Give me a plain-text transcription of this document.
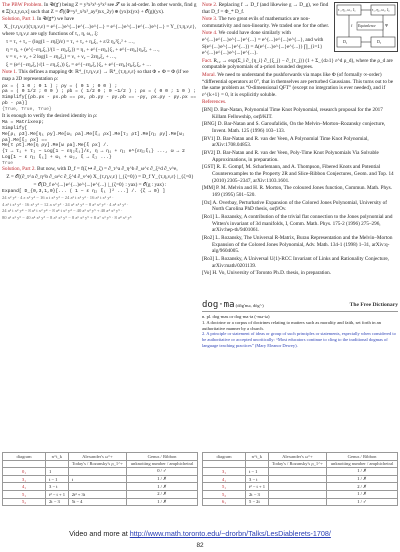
The PBW Problem. In 𝒰(𝔤') being Z = y³x²x³·y²x² see 𝒮 so is ad-order. In other words, find g ∈ ℤ[x,t,y,α,x] such that Z = 𝒪((𝒴=y²_x²x²_ay²)xx_2y) ⊕ (yx)x(yx) + 𝒪(g)(yx).

Solution, Part 1. In 𝒰(𝔤*) we have

X_{τ,η,ν,ε}(τ,η,ν,ε) = e^{...}e^{...}e^{...}e^{...} = e^{...}e^{...}e^{...}e^{...} = Y_{τ,η,ν,ε},

where τ,η,ν,ε are ugly functions of τ₁, η, ω₁, ξ:

τ = τ₁ + τ₂ − (log(1 − εηξ)/ε) = τ₁ + τ₂ + η₂ξ₁ + ε/2 η₂²ξ₁² + …,

η = η₁ + (e^{−εη₂ξ₁}/(1 − εη₂ξ₁)) = η₁ + e^{−εη₂}ξ₁ + e^{−εη₂}η₂ξ₁ + …,

ν = ν₁ + ν₂ + 2 log(1 − εη₂ξ₁) = ν₁ + ν₂ − 2εη₂ξ₁ + …,

ξ = (e^{−εη₂ξ₁}/(1 − εη₂ξ₁)) ξ₂ = e^{−εη₂ξ₁}ξ₂ + e^{−εη₂}η₂ξ₁ξ₂ + …

Note 1. This defines a mapping Φ: ℝ⁴_{τ,η,ν,ε} → ℝ⁴_{τ,η,ν,ε} so that Φ ∘ Φ = Φ (if we map a 2D representation ρ:

ρx = ( 1 0 ; 0 1 ) ; ρy = ( 0 1 ; 0 0 ) ;
ρa = ( 0 1/2 ; 0 0 ) ; ρb = ( 1/2 0 ; 0 −1/2 ) ; ρx = ( 0 0 ; 1 0 ) ;
Simplify[{ρb.ρx - ρx.ρb == ρx, ρb.ρy - ρy.ρb == -ρy, ρx.ρy - ρy.ρx == ρb - ρa}]
{True, True, True}

It is enough to verify the desired identity in ρ:

Ma = Matrixexp;
Simplify[
Me[ρ₁ ρ3].Me[η₁ ρy].Me[ω₁ ρa].Me[ξ₁ ρx].Me[τ₂ ρt].Me[η₂ ρy].Me[ω₂ ρa].Me[ξ₂ ρx] ==
Me[τ ρt].Me[η ρy].Me[ω ρa].Me[ξ ρx] /.
{τ → τ₁ + τ₂ − Log[1 − εη₂ξ₁]/ε, η → η₁ + η₂ e^{εη₂ξ₁} ..., ω → 2 Log[1 − ε η₂ ξ₁] + ω₁ + ω₂, ξ → ξ₂ ...}
True

Solution, Part 2. But now, with D_f = f(ζ ↦ ∂_ζ) = ∂_τ^a ∂_η^b ∂_ω^c ∂_ξ^d ∂_ν^e,

Z = 𝒪((∂_τ^a ∂_η^b ∂_ω^c ∂_ξ^d ∂_ν^e) X_{τ,η,ν,ε} |_{ζ=0}) = D_f Y_{τ,η,ν,ε} |_{ζ=0}

= 𝒪(D_f e^{...}e^{...}e^{...}e^{...} |_{ζ=0} : yax) = 𝒪(g : yax) :

Expand[ D_{0,3,1,0}[... ( 1 − ε η₂ ξ₁ )² ...] /. {ζ → 0} ]
24 x² y² · 4 ε x² y² − 16 a t x² y² − 24 a² t x² y² · 16 a³ t x² y² ·
4 a² t x² y² · 16 x³ y³ − 12 a x² y³ · 24 a² x² y³ − 8 a³ x² y³ · 4 a⁴ x² y³ ·
24 a² t x² y⁴ − 8 a³ t x² y⁴ − 8 a⁴ t x² y⁴ − 40 a³ x² y⁵ + 40 a⁴ x³ y⁵ ·
80 a³ x³ y⁵ − 40 a⁴ x³ y⁵ − 8 a⁵ x³ y⁵ − 8 a⁶ x³ y⁵ + 8 a⁷ x³ y⁵ · 8 a⁸ x³ y⁵
τ₁, η₁, ω₁, ξ₁	τ₂, η₂, ω₂, ξ₂
Equivalence
f	Ψ
D₁	D₂

Note 2. Replacing f → D_f (and likewise g → D_g), we find that D_f = Φ_* D_f.

Note 3. The two great evils of mathematics are non-commutativity and non-linearity. We traded one for the other.

Note 4. We could have done similarly with e^{...}e^{...}e^{...}e^{...} = e^{...}e^{...}e^{...}, and with S(e^{...}e^{...}e^{...}) = Δ(e^{...}e^{...}e^{...}) ∏_{i=1} e^{...}e^{...}e^{...}e^{...}.

Fact. R₁₂ → exp(Σ_i ∂_{η_i} ∂_{ξ_j} − ∂_{τ_j}) (1 + Σ_{d≥1} ε^d ρ_d), where the ρ_d are computable polynomials of a-priori bounded degrees.

Moral. We need to understand the pushforwards via maps like Φ (of formally ∞-order) “differential operators at 0”, that in themselves are perturbed Gaussians. This turns out to be the same problem as “0-dimensional QFT” (except no integration is ever needed), and if ε^{k+1} = 0, it is explicitly soluble.

References.

[BN] D. Bar-Natan, Polynomial Time Knot Polynomial, research proposal for the 2017 Killam Fellowship, ωεβ/KIT.

[BNG] D. Bar-Natan and S. Garoufalidis, On the Melvin–Morton–Rozansky conjecture, Invent. Math. 125 (1996) 103–133.

[BV1] D. Bar-Natan and R. van der Veen, A Polynomial Time Knot Polynomial, arXiv:1708.04853.

[BV2] D. Bar-Natan and R. van der Veen, Poly-Time Knot Polynomials Via Solvable Approximations, in preparation.

[GST] R. E. Gompf, M. Scharlemann, and A. Thompson, Fibered Knots and Potential Counterexamples to the Property 2R and Slice-Ribbon Conjectures, Geom. and Top. 14 (2010) 2305–2347, arXiv:1103.1601.

[MM] P. M. Melvin and H. R. Morton, The coloured Jones function, Commun. Math. Phys. 169 (1995) 501–520.

[Oz] A. Overbay, Perturbative Expansion of the Colored Jones Polynomial, University of North Carolina PhD thesis, ωεβ/Ov.

[Ro1] L. Rozansky, A contribution of the trivial flat connection to the Jones polynomial and Witten's invariant of 3d manifolds, I, Comm. Math. Phys. 175-2 (1996) 275–296, arXiv:hep-th/9401061.

[Ro2] L. Rozansky, The Universal R-Matrix, Burau Representation and the Melvin–Morton Expansion of the Colored Jones Polynomial, Adv. Math. 134-1 (1998) 1–31, arXiv:q-alg/9604005.

[Ro3] L. Rozansky, A Universal U(1)-RCC Invariant of Links and Rationality Conjecture, arXiv:math/0201139.

[Vo] H. Vo, University of Toronto Ph.D. thesis, in preparation.

dog·ma (dôg'mə, dŏg'-)	The Free Dictionary
n. pl. dog·mas or dog·ma·ta (-mə-tə)
1. A doctrine or a corpus of doctrines relating to matters such as morality and faith, set forth in an authoritative manner by a church.
2. A principle or statement of ideas or group of such principles or statements, especially when considered to be authoritative or accepted uncritically: “Most educators continue to cling to the traditional dogmas of language teaching practices” (Mary Eleanor Dewey).
diagram	n^t_k	Alexander's ω^+	Genus / Ribbon
		Today's / Rozansky's ρ_1^+	unknotting number / amphicheiral
0₁	1		0 / ✓
3₁	t − 1	t	1 / ✗
4₁	3 − t		1 / ✗
5₁	t² − t + 1	2t³ + 3t	2 / ✗
5₂	2t − 3	5t − 4	1 / ✗
diagram	n^t_k	Alexander's ω^+	Genus / Ribbon
		Today's / Rozansky's ρ_1^+	unknotting number / amphicheiral
3₁	t − 1		1 / ✗
4₁	3 − t		1 / ✗
5₁	t² − t + 1		2 / ✗
5₂	2t − 3		1 / ✗
6₁	5 − 2t		1 / ✓
Video and more at http://www.math.toronto.edu/~drorbn/Talks/LesDiablerets-1708/
82
